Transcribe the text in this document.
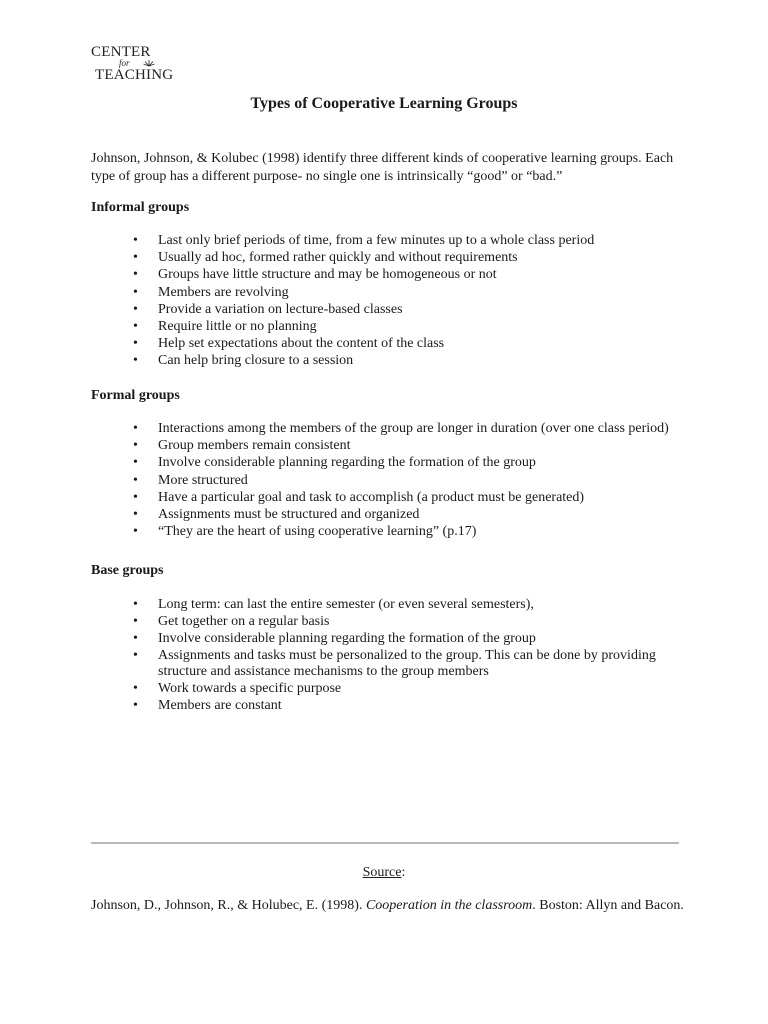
CENTER
for
TEACHING
Types of Cooperative Learning Groups

Johnson, Johnson, & Kolubec (1998) identify three different kinds of cooperative learning groups. Each type of group has a different purpose- no single one is intrinsically “good” or “bad.”

Informal groups
• Last only brief periods of time, from a few minutes up to a whole class period
• Usually ad hoc, formed rather quickly and without requirements
• Groups have little structure and may be homogeneous or not
• Members are revolving
• Provide a variation on lecture-based classes
• Require little or no planning
• Help set expectations about the content of the class
• Can help bring closure to a session
Formal groups
• Interactions among the members of the group are longer in duration (over one class period)
• Group members remain consistent
• Involve considerable planning regarding the formation of the group
• More structured
• Have a particular goal and task to accomplish (a product must be generated)
• Assignments must be structured and organized
• “They are the heart of using cooperative learning” (p.17)
Base groups
• Long term: can last the entire semester (or even several semesters),
• Get together on a regular basis
• Involve considerable planning regarding the formation of the group
• Assignments and tasks must be personalized to the group. This can be done by providing structure and assistance mechanisms to the group members
• Work towards a specific purpose
• Members are constant

Source:

Johnson, D., Johnson, R., & Holubec, E. (1998). Cooperation in the classroom. Boston: Allyn and Bacon.
